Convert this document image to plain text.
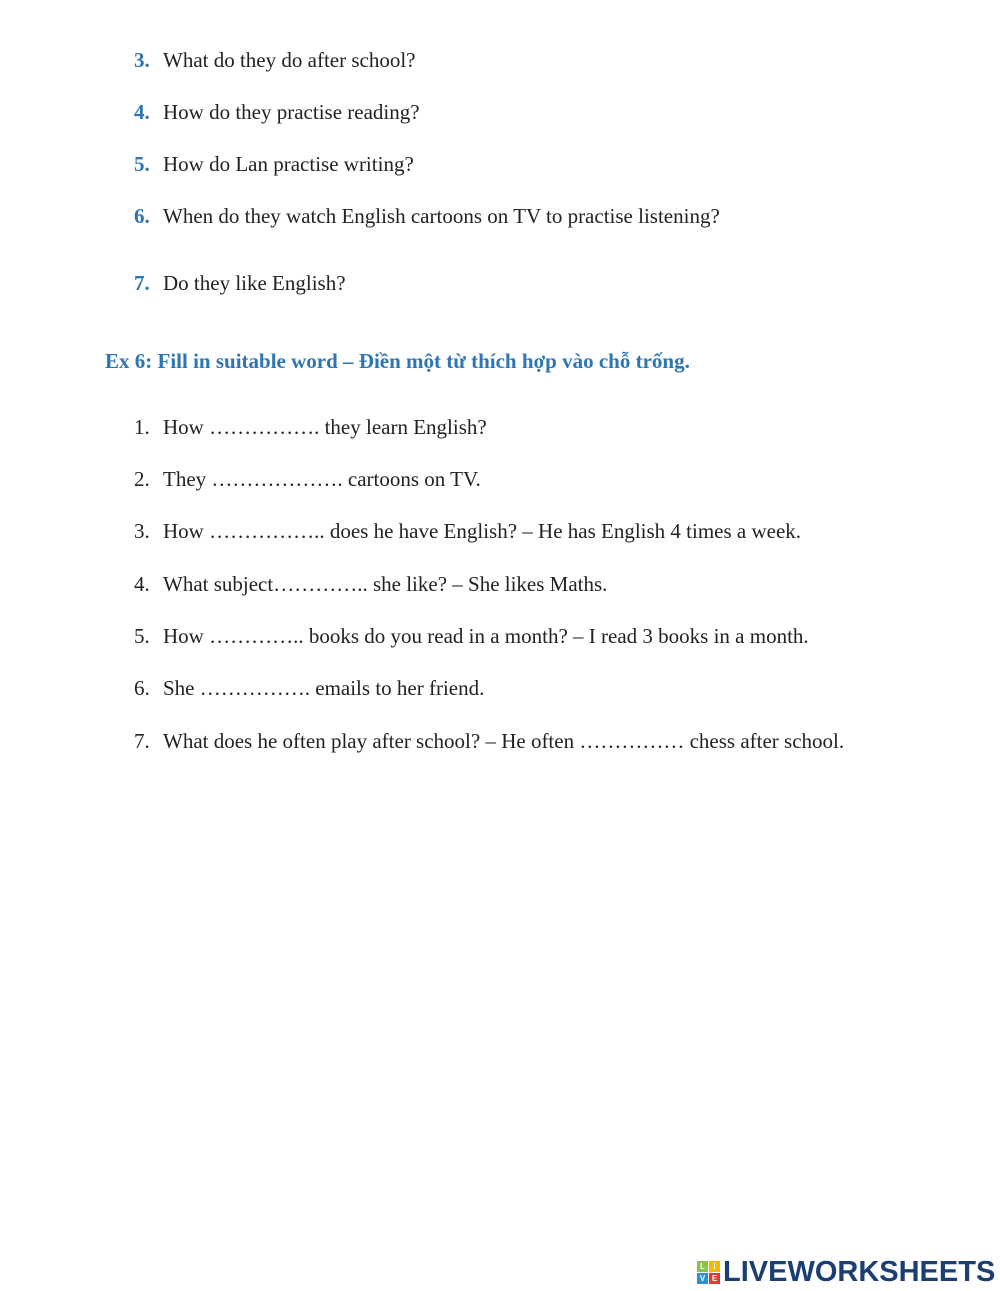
3. What do they do after school?
4. How do they practise reading?
5. How do Lan practise writing?
6. When do they watch English cartoons on TV to practise listening?
7. Do they like English?
Ex 6: Fill in suitable word – Điền một từ thích hợp vào chỗ trống.
1. How ……………. they learn English?
2. They ………………. cartoons on TV.
3. How …………….. does he have English? – He has English 4 times a week.
4. What subject………….. she like? – She likes Maths.
5. How ………….. books do you read in a month? – I read 3 books in a month.
6. She ……………. emails to her friend.
7. What does he often play after school? – He often …………… chess after school.
L	I
V E LIVEWORKSHEETS
